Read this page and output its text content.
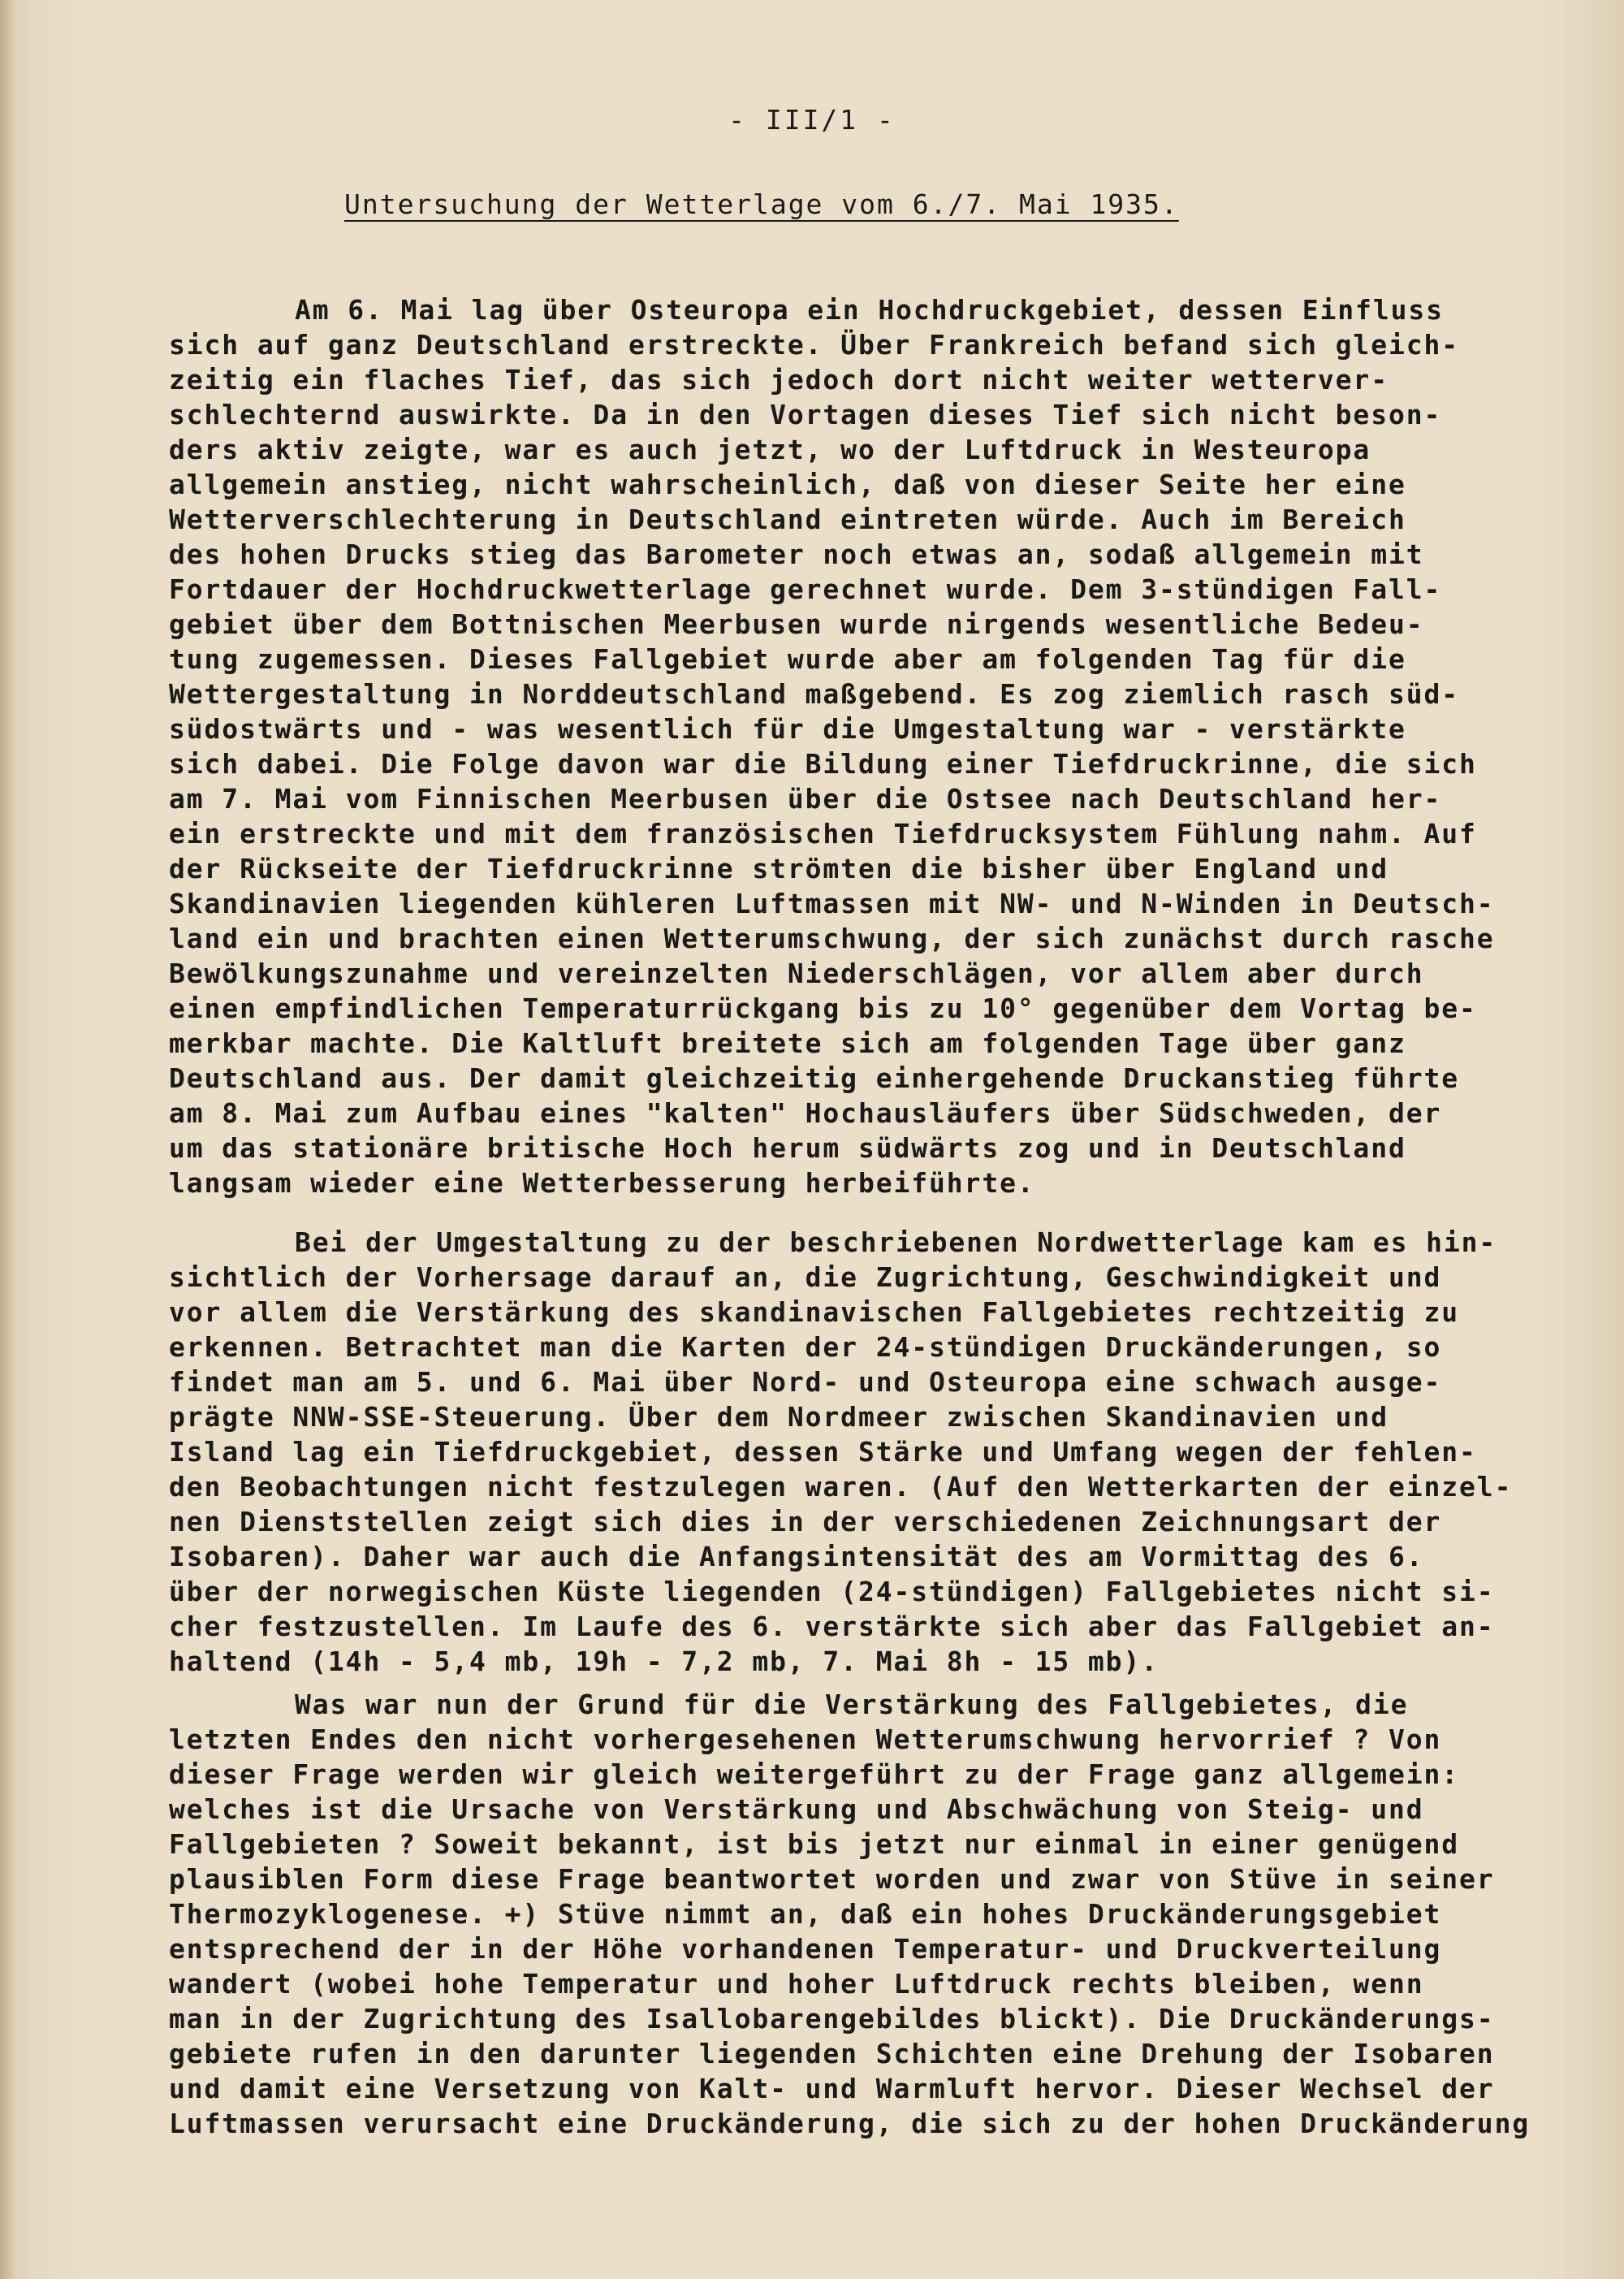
- III/1 -
Untersuchung der Wetterlage vom 6./7. Mai 1935.
Am 6. Mai lag über Osteuropa ein Hochdruckgebiet, dessen Einfluss
sich auf ganz Deutschland erstreckte. Über Frankreich befand sich gleich-
zeitig ein flaches Tief, das sich jedoch dort nicht weiter wetterver-
schlechternd auswirkte. Da in den Vortagen dieses Tief sich nicht beson-
ders aktiv zeigte, war es auch jetzt, wo der Luftdruck in Westeuropa
allgemein anstieg, nicht wahrscheinlich, daß von dieser Seite her eine
Wetterverschlechterung in Deutschland eintreten würde. Auch im Bereich
des hohen Drucks stieg das Barometer noch etwas an, sodaß allgemein mit
Fortdauer der Hochdruckwetterlage gerechnet wurde. Dem 3-stündigen Fall-
gebiet über dem Bottnischen Meerbusen wurde nirgends wesentliche Bedeu-
tung zugemessen. Dieses Fallgebiet wurde aber am folgenden Tag für die
Wettergestaltung in Norddeutschland maßgebend. Es zog ziemlich rasch süd-
südostwärts und - was wesentlich für die Umgestaltung war - verstärkte
sich dabei. Die Folge davon war die Bildung einer Tiefdruckrinne, die sich
am 7. Mai vom Finnischen Meerbusen über die Ostsee nach Deutschland her-
ein erstreckte und mit dem französischen Tiefdrucksystem Fühlung nahm. Auf
der Rückseite der Tiefdruckrinne strömten die bisher über England und
Skandinavien liegenden kühleren Luftmassen mit NW- und N-Winden in Deutsch-
land ein und brachten einen Wetterumschwung, der sich zunächst durch rasche
Bewölkungszunahme und vereinzelten Niederschlägen, vor allem aber durch
einen empfindlichen Temperaturrückgang bis zu 10° gegenüber dem Vortag be-
merkbar machte. Die Kaltluft breitete sich am folgenden Tage über ganz
Deutschland aus. Der damit gleichzeitig einhergehende Druckanstieg führte
am 8. Mai zum Aufbau eines "kalten" Hochausläufers über Südschweden, der
um das stationäre britische Hoch herum südwärts zog und in Deutschland
langsam wieder eine Wetterbesserung herbeiführte.
Bei der Umgestaltung zu der beschriebenen Nordwetterlage kam es hin-
sichtlich der Vorhersage darauf an, die Zugrichtung, Geschwindigkeit und
vor allem die Verstärkung des skandinavischen Fallgebietes rechtzeitig zu
erkennen. Betrachtet man die Karten der 24-stündigen Druckänderungen, so
findet man am 5. und 6. Mai über Nord- und Osteuropa eine schwach ausge-
prägte NNW-SSE-Steuerung. Über dem Nordmeer zwischen Skandinavien und
Island lag ein Tiefdruckgebiet, dessen Stärke und Umfang wegen der fehlen-
den Beobachtungen nicht festzulegen waren. (Auf den Wetterkarten der einzel-
nen Dienststellen zeigt sich dies in der verschiedenen Zeichnungsart der
Isobaren). Daher war auch die Anfangsintensität des am Vormittag des 6.
über der norwegischen Küste liegenden (24-stündigen) Fallgebietes nicht si-
cher festzustellen. Im Laufe des 6. verstärkte sich aber das Fallgebiet an-
haltend (14h - 5,4 mb, 19h - 7,2 mb, 7. Mai 8h - 15 mb).
Was war nun der Grund für die Verstärkung des Fallgebietes, die
letzten Endes den nicht vorhergesehenen Wetterumschwung hervorrief ? Von
dieser Frage werden wir gleich weitergeführt zu der Frage ganz allgemein:
welches ist die Ursache von Verstärkung und Abschwächung von Steig- und
Fallgebieten ? Soweit bekannt, ist bis jetzt nur einmal in einer genügend
plausiblen Form diese Frage beantwortet worden und zwar von Stüve in seiner
Thermozyklogenese. +) Stüve nimmt an, daß ein hohes Druckänderungsgebiet
entsprechend der in der Höhe vorhandenen Temperatur- und Druckverteilung
wandert (wobei hohe Temperatur und hoher Luftdruck rechts bleiben, wenn
man in der Zugrichtung des Isallobarengebildes blickt). Die Druckänderungs-
gebiete rufen in den darunter liegenden Schichten eine Drehung der Isobaren
und damit eine Versetzung von Kalt- und Warmluft hervor. Dieser Wechsel der
Luftmassen verursacht eine Druckänderung, die sich zu der hohen Druckänderung
